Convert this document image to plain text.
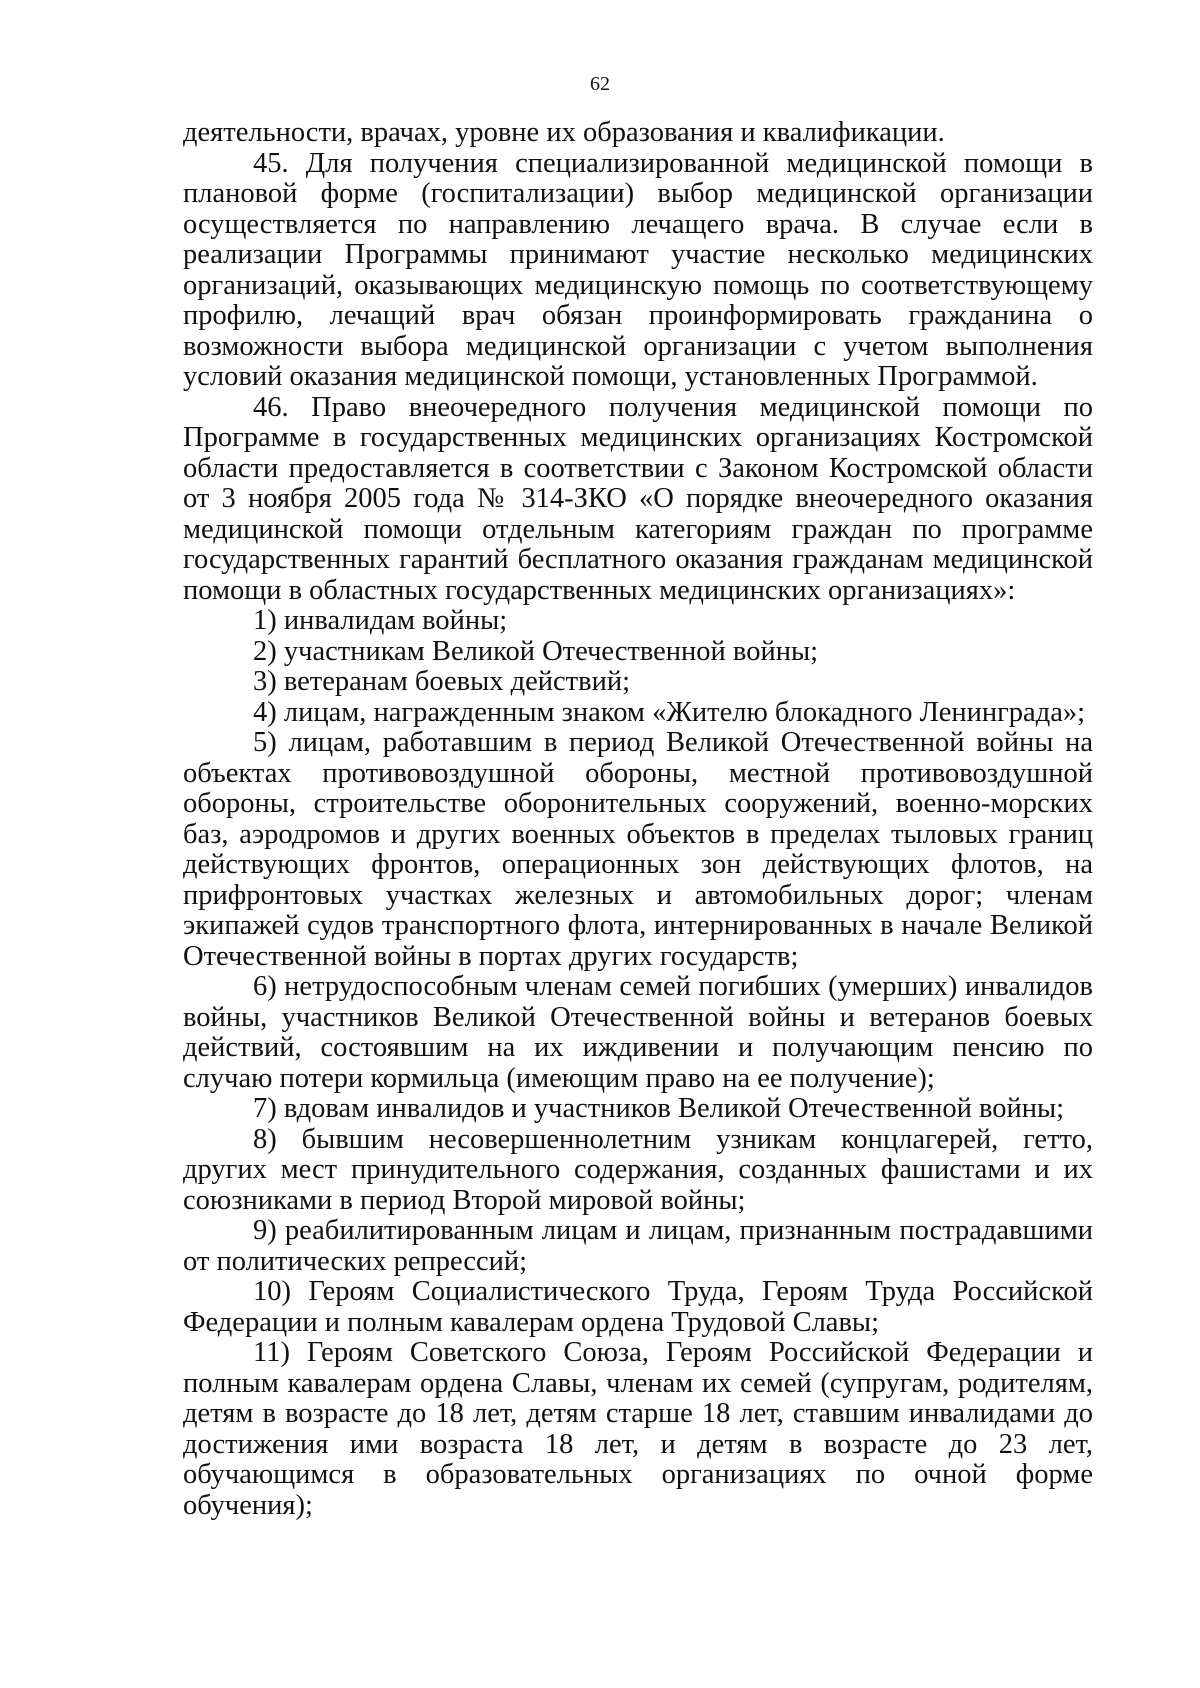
62

деятельности, врачах, уровне их образования и квалификации.

45. Для получения специализированной медицинской помощи в плановой форме (госпитализации) выбор медицинской организации осуществляется по направлению лечащего врача. В случае если в реализации Программы принимают участие несколько медицинских организаций, оказывающих медицинскую помощь по соответствующему профилю, лечащий врач обязан проинформировать гражданина о возможности выбора медицинской организации с учетом выполнения условий оказания медицинской помощи, установленных Программой.

46. Право внеочередного получения медицинской помощи по Программе в государственных медицинских организациях Костромской области предоставляется в соответствии с Законом Костромской области от 3 ноября 2005 года № 314-ЗКО «О порядке внеочередного оказания медицинской помощи отдельным категориям граждан по программе государственных гарантий бесплатного оказания гражданам медицинской помощи в областных государственных медицинских организациях»:

1) инвалидам войны;

2) участникам Великой Отечественной войны;

3) ветеранам боевых действий;

4) лицам, награжденным знаком «Жителю блокадного Ленинграда»;

5) лицам, работавшим в период Великой Отечественной войны на объектах противовоздушной обороны, местной противовоздушной обороны, строительстве оборонительных сооружений, военно-морских баз, аэродромов и других военных объектов в пределах тыловых границ действующих фронтов, операционных зон действующих флотов, на прифронтовых участках железных и автомобильных дорог; членам экипажей судов транспортного флота, интернированных в начале Великой Отечественной войны в портах других государств;

6) нетрудоспособным членам семей погибших (умерших) инвалидов войны, участников Великой Отечественной войны и ветеранов боевых действий, состоявшим на их иждивении и получающим пенсию по случаю потери кормильца (имеющим право на ее получение);

7) вдовам инвалидов и участников Великой Отечественной войны;

8) бывшим несовершеннолетним узникам концлагерей, гетто, других мест принудительного содержания, созданных фашистами и их союзниками в период Второй мировой войны;

9) реабилитированным лицам и лицам, признанным пострадавшими от политических репрессий;

10) Героям Социалистического Труда, Героям Труда Российской Федерации и полным кавалерам ордена Трудовой Славы;

11) Героям Советского Союза, Героям Российской Федерации и полным кавалерам ордена Славы, членам их семей (супругам, родителям, детям в возрасте до 18 лет, детям старше 18 лет, ставшим инвалидами до достижения ими возраста 18 лет, и детям в возрасте до 23 лет, обучающимся в образовательных организациях по очной форме обучения);
